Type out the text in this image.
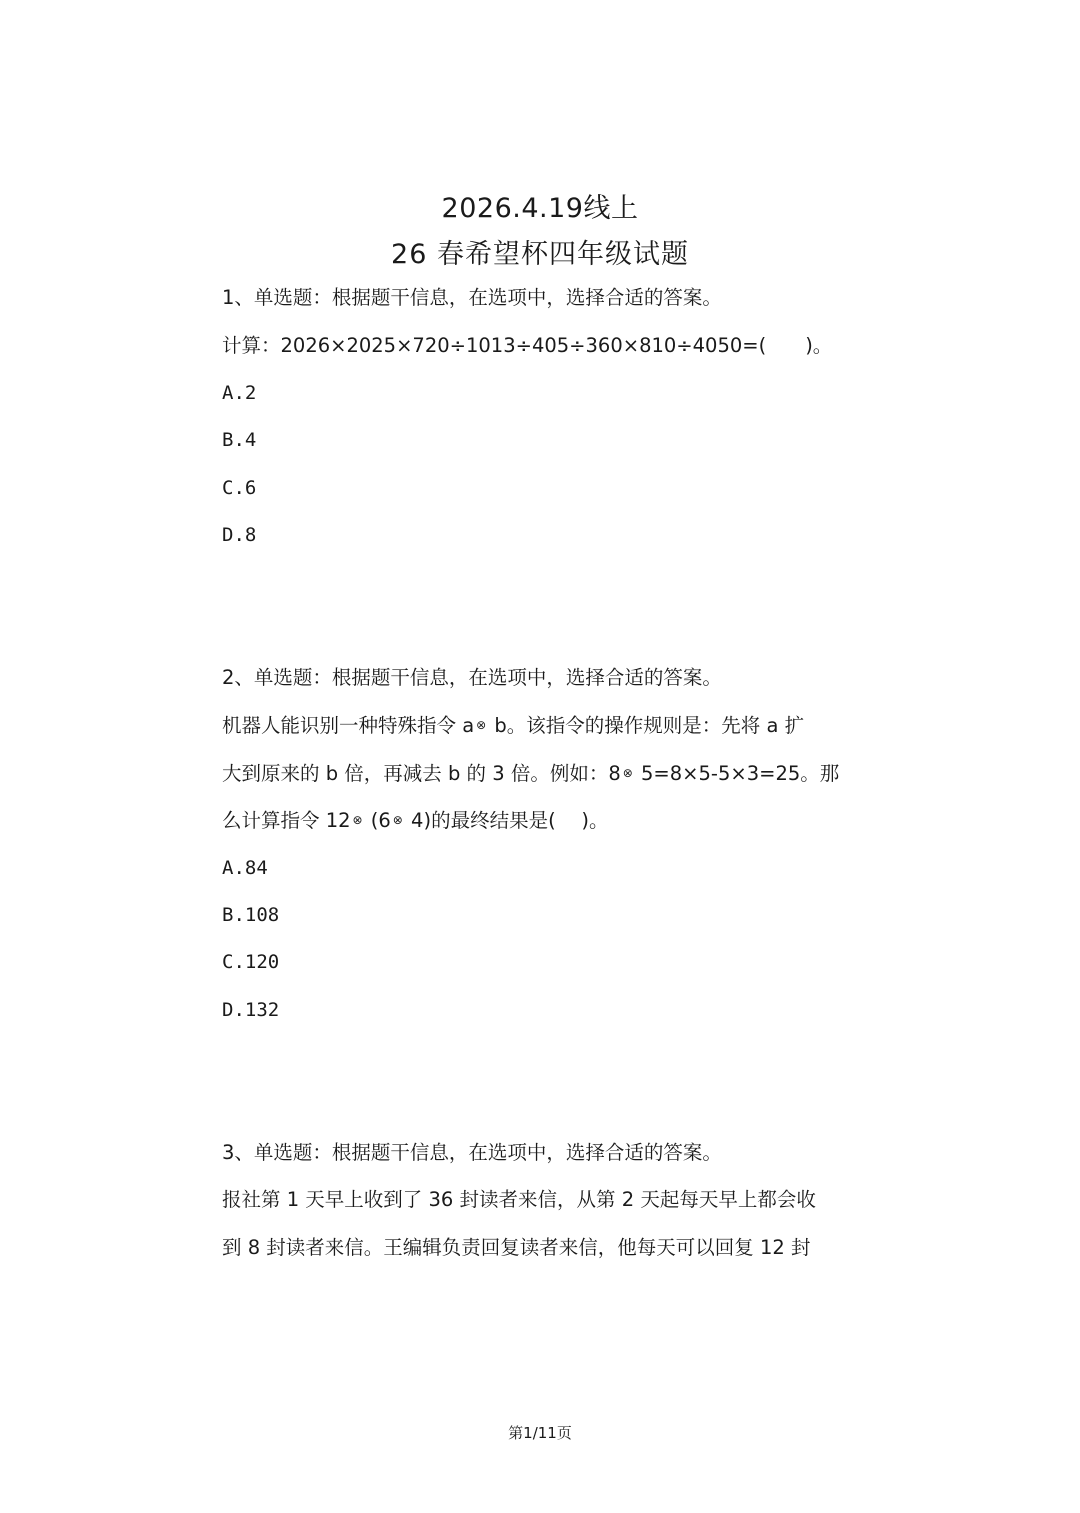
2026.4.19线上
26 春希望杯四年级试题
1、单选题：根据题干信息，在选项中，选择合适的答案。
计算：2026×2025×720÷1013÷405÷360×810÷4050=(　　)。
A.2
B.4
C.6
D.8
2、单选题：根据题干信息，在选项中，选择合适的答案。
机器人能识别一种特殊指令 a ⊗ b。该指令的操作规则是：先将 a 扩
大到原来的 b 倍，再减去 b 的 3 倍。例如：8 ⊗ 5=8×5-5×3=25。那
么计算指令 12 ⊗ (6 ⊗ 4)的最终结果是(　 )。
A.84
B.108
C.120
D.132
3、单选题：根据题干信息，在选项中，选择合适的答案。
报社第 1 天早上收到了 36 封读者来信，从第 2 天起每天早上都会收
到 8 封读者来信。王编辑负责回复读者来信，他每天可以回复 12 封
第1/11页
